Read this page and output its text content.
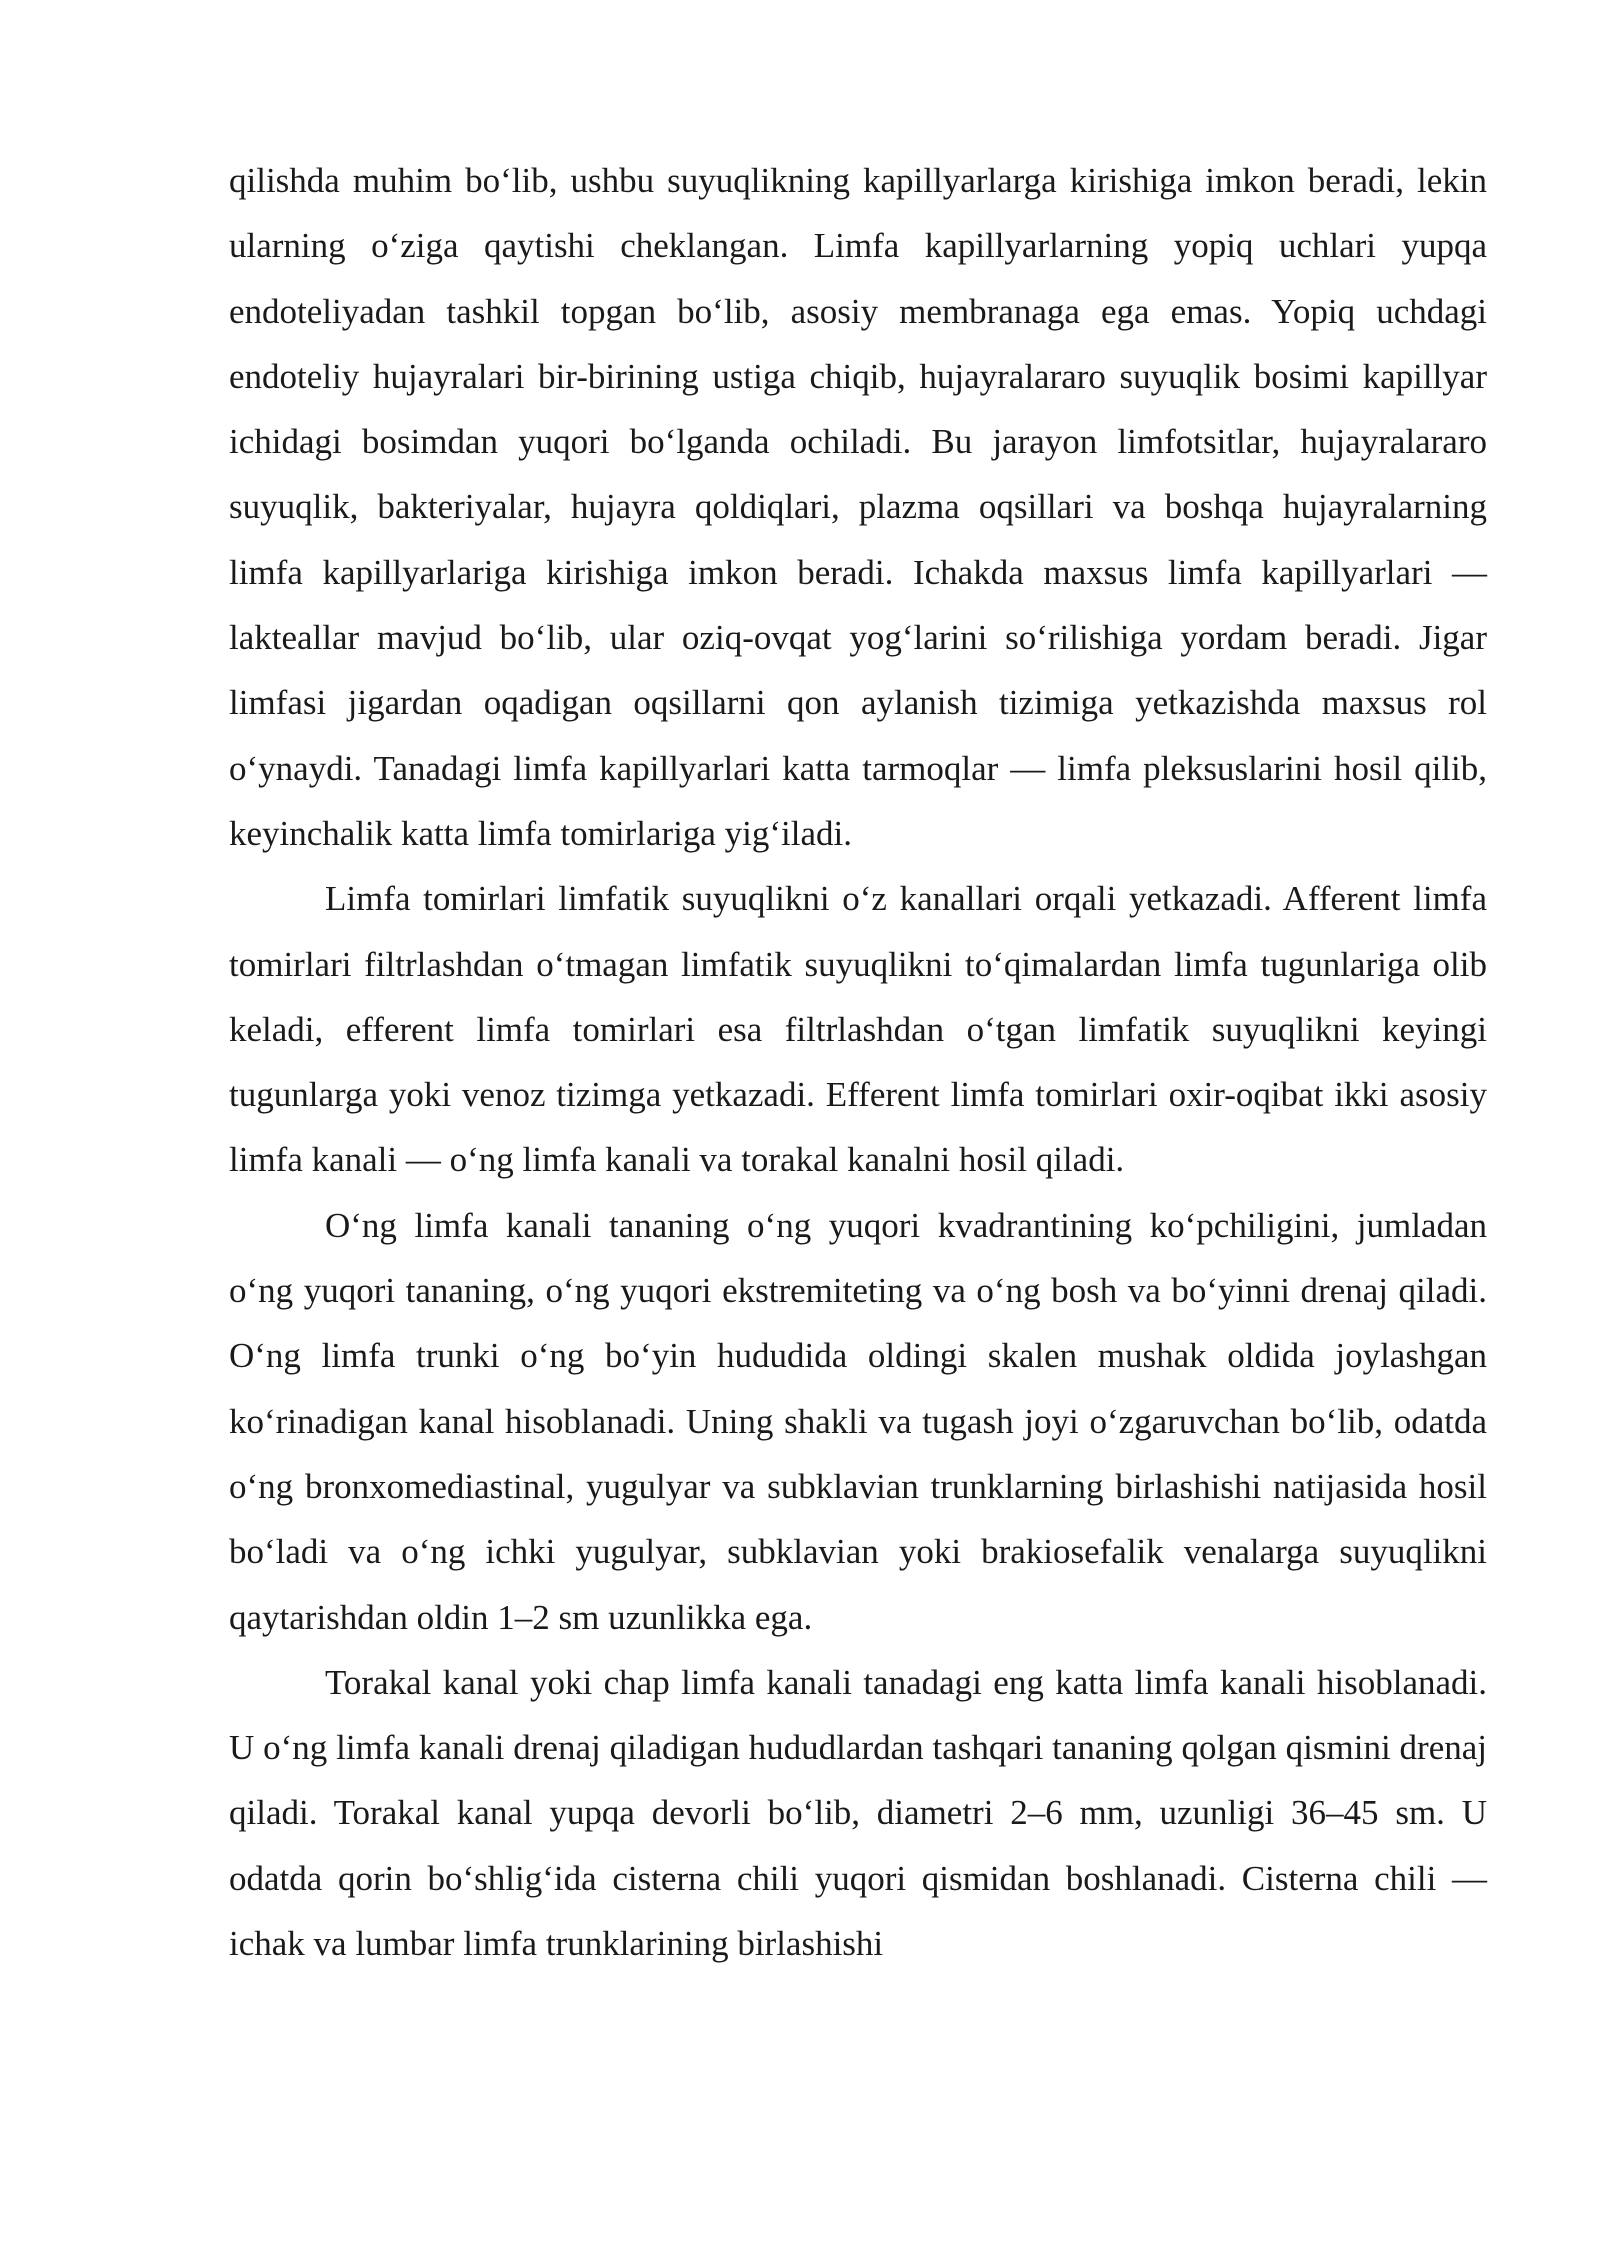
qilishda muhim bo‘lib, ushbu suyuqlikning kapillyarlarga kirishiga imkon beradi, lekin ularning o‘ziga qaytishi cheklangan. Limfa kapillyarlarning yopiq uchlari yupqa endoteliyadan tashkil topgan bo‘lib, asosiy membranaga ega emas. Yopiq uchdagi endoteliy hujayralari bir-birining ustiga chiqib, hujayralararo suyuqlik bosimi kapillyar ichidagi bosimdan yuqori bo‘lganda ochiladi. Bu jarayon limfotsitlar, hujayralararo suyuqlik, bakteriyalar, hujayra qoldiqlari, plazma oqsillari va boshqa hujayralarning limfa kapillyarlariga kirishiga imkon beradi. Ichakda maxsus limfa kapillyarlari — lakteallar mavjud bo‘lib, ular oziq-ovqat yog‘larini so‘rilishiga yordam beradi. Jigar limfasi jigardan oqadigan oqsillarni qon aylanish tizimiga yetkazishda maxsus rol o‘ynaydi. Tanadagi limfa kapillyarlari katta tarmoqlar — limfa pleksuslarini hosil qilib, keyinchalik katta limfa tomirlariga yig‘iladi.

Limfa tomirlari limfatik suyuqlikni o‘z kanallari orqali yetkazadi. Afferent limfa tomirlari filtrlashdan o‘tmagan limfatik suyuqlikni to‘qimalardan limfa tugunlariga olib keladi, efferent limfa tomirlari esa filtrlashdan o‘tgan limfatik suyuqlikni keyingi tugunlarga yoki venoz tizimga yetkazadi. Efferent limfa tomirlari oxir-oqibat ikki asosiy limfa kanali — o‘ng limfa kanali va torakal kanalni hosil qiladi.

O‘ng limfa kanali tananing o‘ng yuqori kvadrantining ko‘pchiligini, jumladan o‘ng yuqori tananing, o‘ng yuqori ekstremiteting va o‘ng bosh va bo‘yinni drenaj qiladi. O‘ng limfa trunki o‘ng bo‘yin hududida oldingi skalen mushak oldida joylashgan ko‘rinadigan kanal hisoblanadi. Uning shakli va tugash joyi o‘zgaruvchan bo‘lib, odatda o‘ng bronxomediastinal, yugulyar va subklavian trunklarning birlashishi natijasida hosil bo‘ladi va o‘ng ichki yugulyar, subklavian yoki brakiosefalik venalarga suyuqlikni qaytarishdan oldin 1–2 sm uzunlikka ega.

Torakal kanal yoki chap limfa kanali tanadagi eng katta limfa kanali hisoblanadi. U o‘ng limfa kanali drenaj qiladigan hududlardan tashqari tananing qolgan qismini drenaj qiladi. Torakal kanal yupqa devorli bo‘lib, diametri 2–6 mm, uzunligi 36–45 sm. U odatda qorin bo‘shlig‘ida cisterna chili yuqori qismidan boshlanadi. Cisterna chili — ichak va lumbar limfa trunklarining birlashishi
